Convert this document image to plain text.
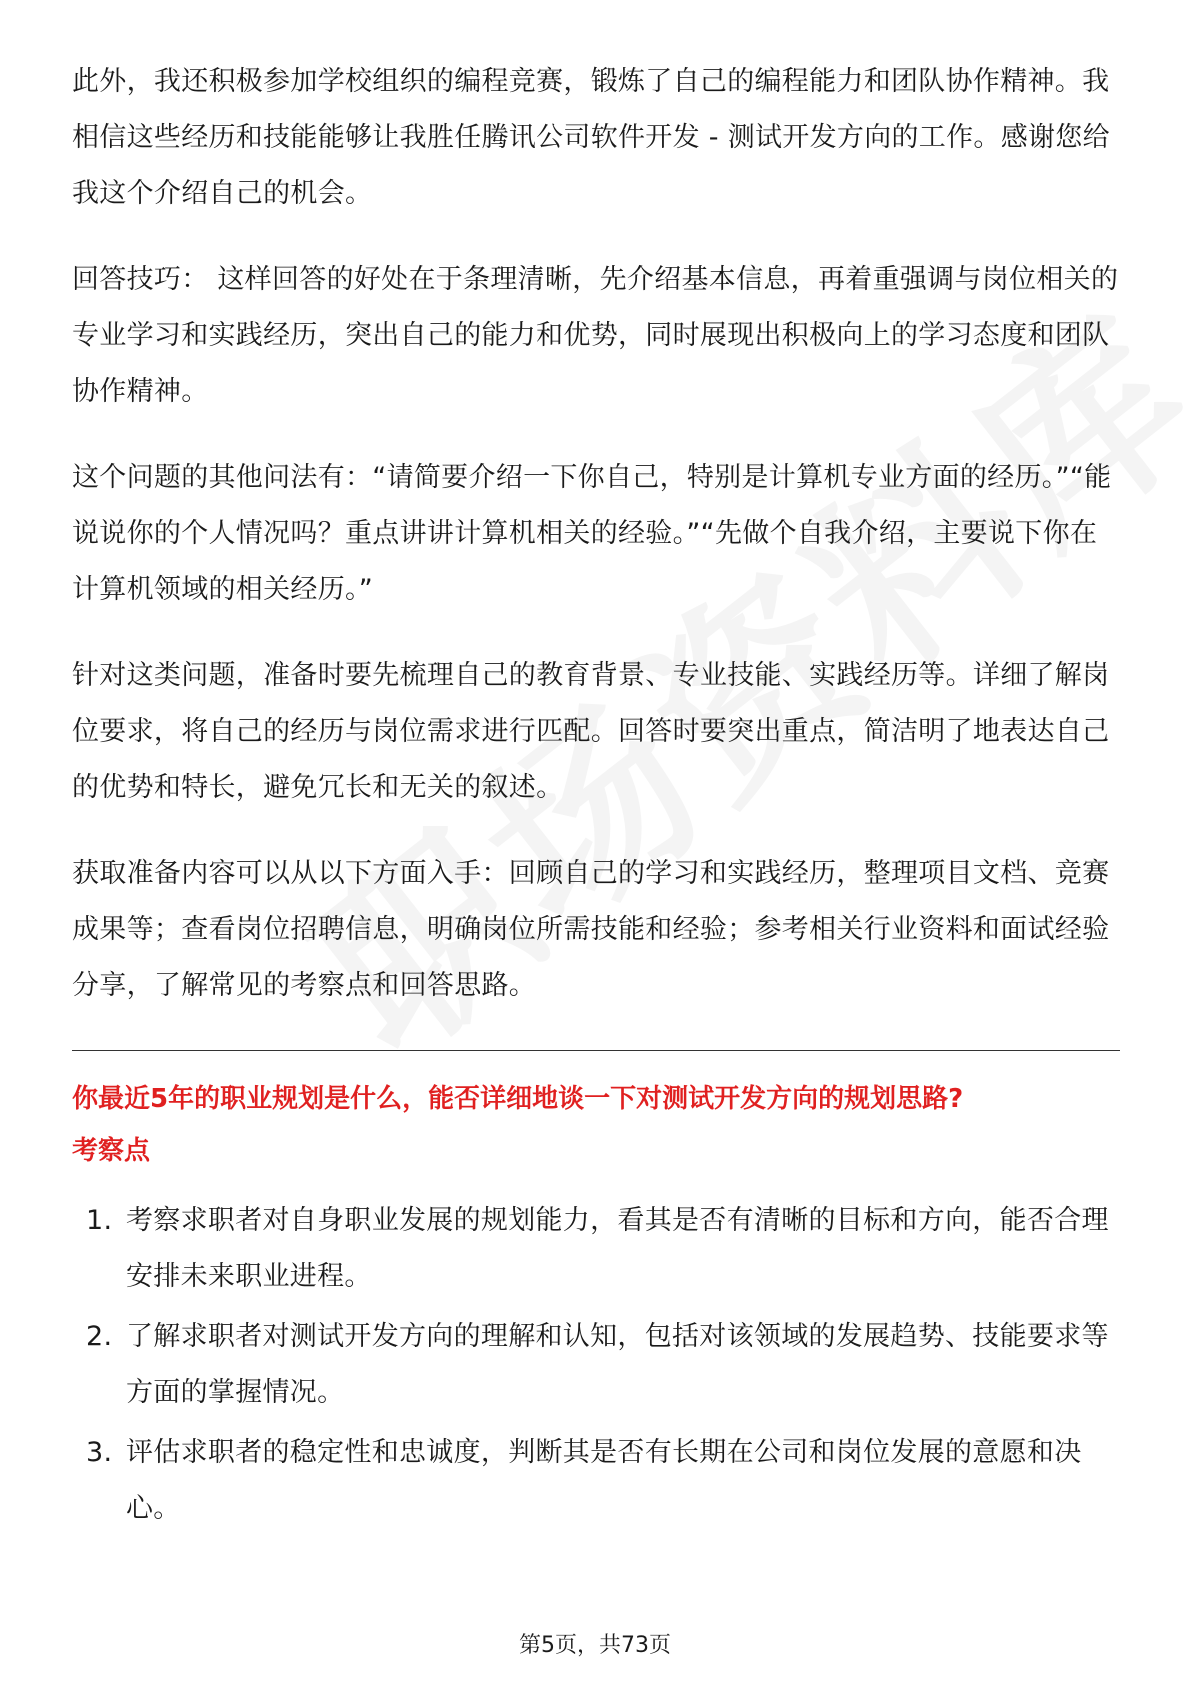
此外，我还积极参加学校组织的编程竞赛，锻炼了自己的编程能力和团队协作精神。我相信这些经历和技能能够让我胜任腾讯公司软件开发 - 测试开发方向的工作。感谢您给我这个介绍自己的机会。

回答技巧： 这样回答的好处在于条理清晰，先介绍基本信息，再着重强调与岗位相关的专业学习和实践经历，突出自己的能力和优势，同时展现出积极向上的学习态度和团队协作精神。

这个问题的其他问法有：“请简要介绍一下你自己，特别是计算机专业方面的经历。”“能说说你的个人情况吗？重点讲讲计算机相关的经验。”“先做个自我介绍，主要说下你在计算机领域的相关经历。”

针对这类问题，准备时要先梳理自己的教育背景、专业技能、实践经历等。详细了解岗位要求，将自己的经历与岗位需求进行匹配。回答时要突出重点，简洁明了地表达自己的优势和特长，避免冗长和无关的叙述。

获取准备内容可以从以下方面入手：回顾自己的学习和实践经历，整理项目文档、竞赛成果等；查看岗位招聘信息，明确岗位所需技能和经验；参考相关行业资料和面试经验分享，了解常见的考察点和回答思路。

你最近5年的职业规划是什么，能否详细地谈一下对测试开发方向的规划思路?

考察点

1. 考察求职者对自身职业发展的规划能力，看其是否有清晰的目标和方向，能否合理安排未来职业进程。
2. 了解求职者对测试开发方向的理解和认知，包括对该领域的发展趋势、技能要求等方面的掌握情况。
3. 评估求职者的稳定性和忠诚度，判断其是否有长期在公司和岗位发展的意愿和决心。
第5页，共73页
